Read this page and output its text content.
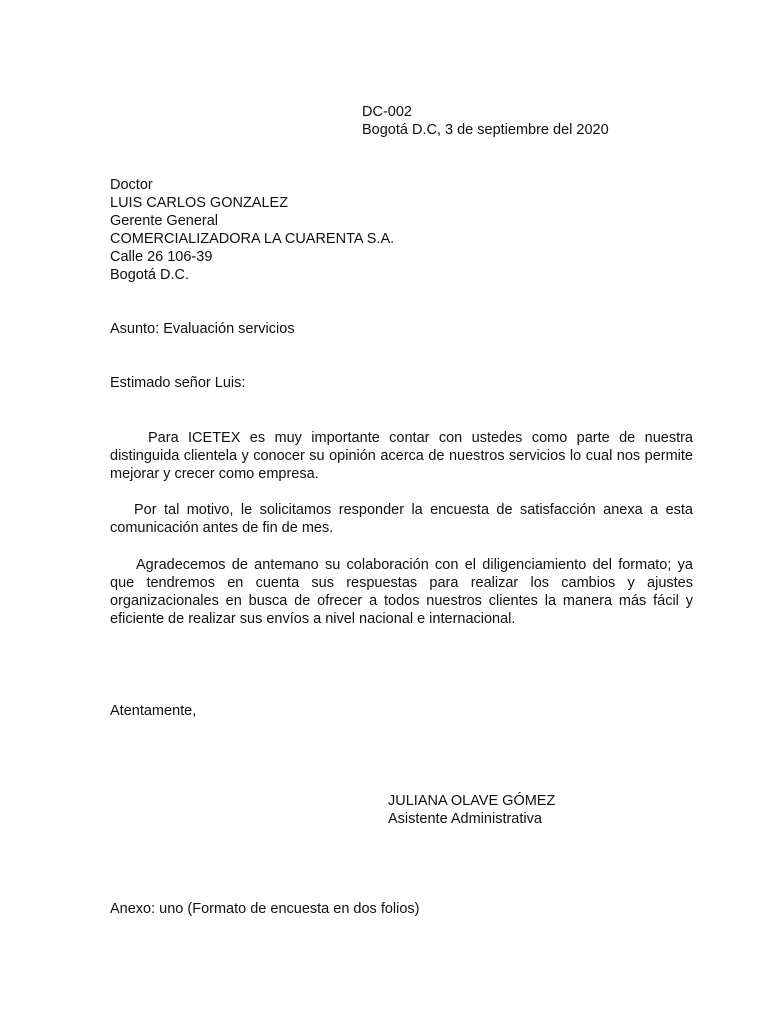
DC-002
Bogotá D.C, 3 de septiembre del 2020
Doctor
LUIS CARLOS GONZALEZ
Gerente General
COMERCIALIZADORA LA CUARENTA S.A.
Calle 26 106-39
Bogotá D.C.
Asunto: Evaluación servicios
Estimado señor Luis:
Para ICETEX es muy importante contar con ustedes como parte de nuestra distinguida clientela y conocer su opinión acerca de nuestros servicios lo cual nos permite mejorar y crecer como empresa.
Por tal motivo, le solicitamos responder la encuesta de satisfacción anexa a esta comunicación antes de fin de mes.
Agradecemos de antemano su colaboración con el diligenciamiento del formato; ya que tendremos en cuenta sus respuestas para realizar los cambios y ajustes organizacionales en busca de ofrecer a todos nuestros clientes la manera más fácil y eficiente de realizar sus envíos a nivel nacional e internacional.
Atentamente,
JULIANA OLAVE GÓMEZ
Asistente Administrativa
Anexo: uno (Formato de encuesta en dos folios)
